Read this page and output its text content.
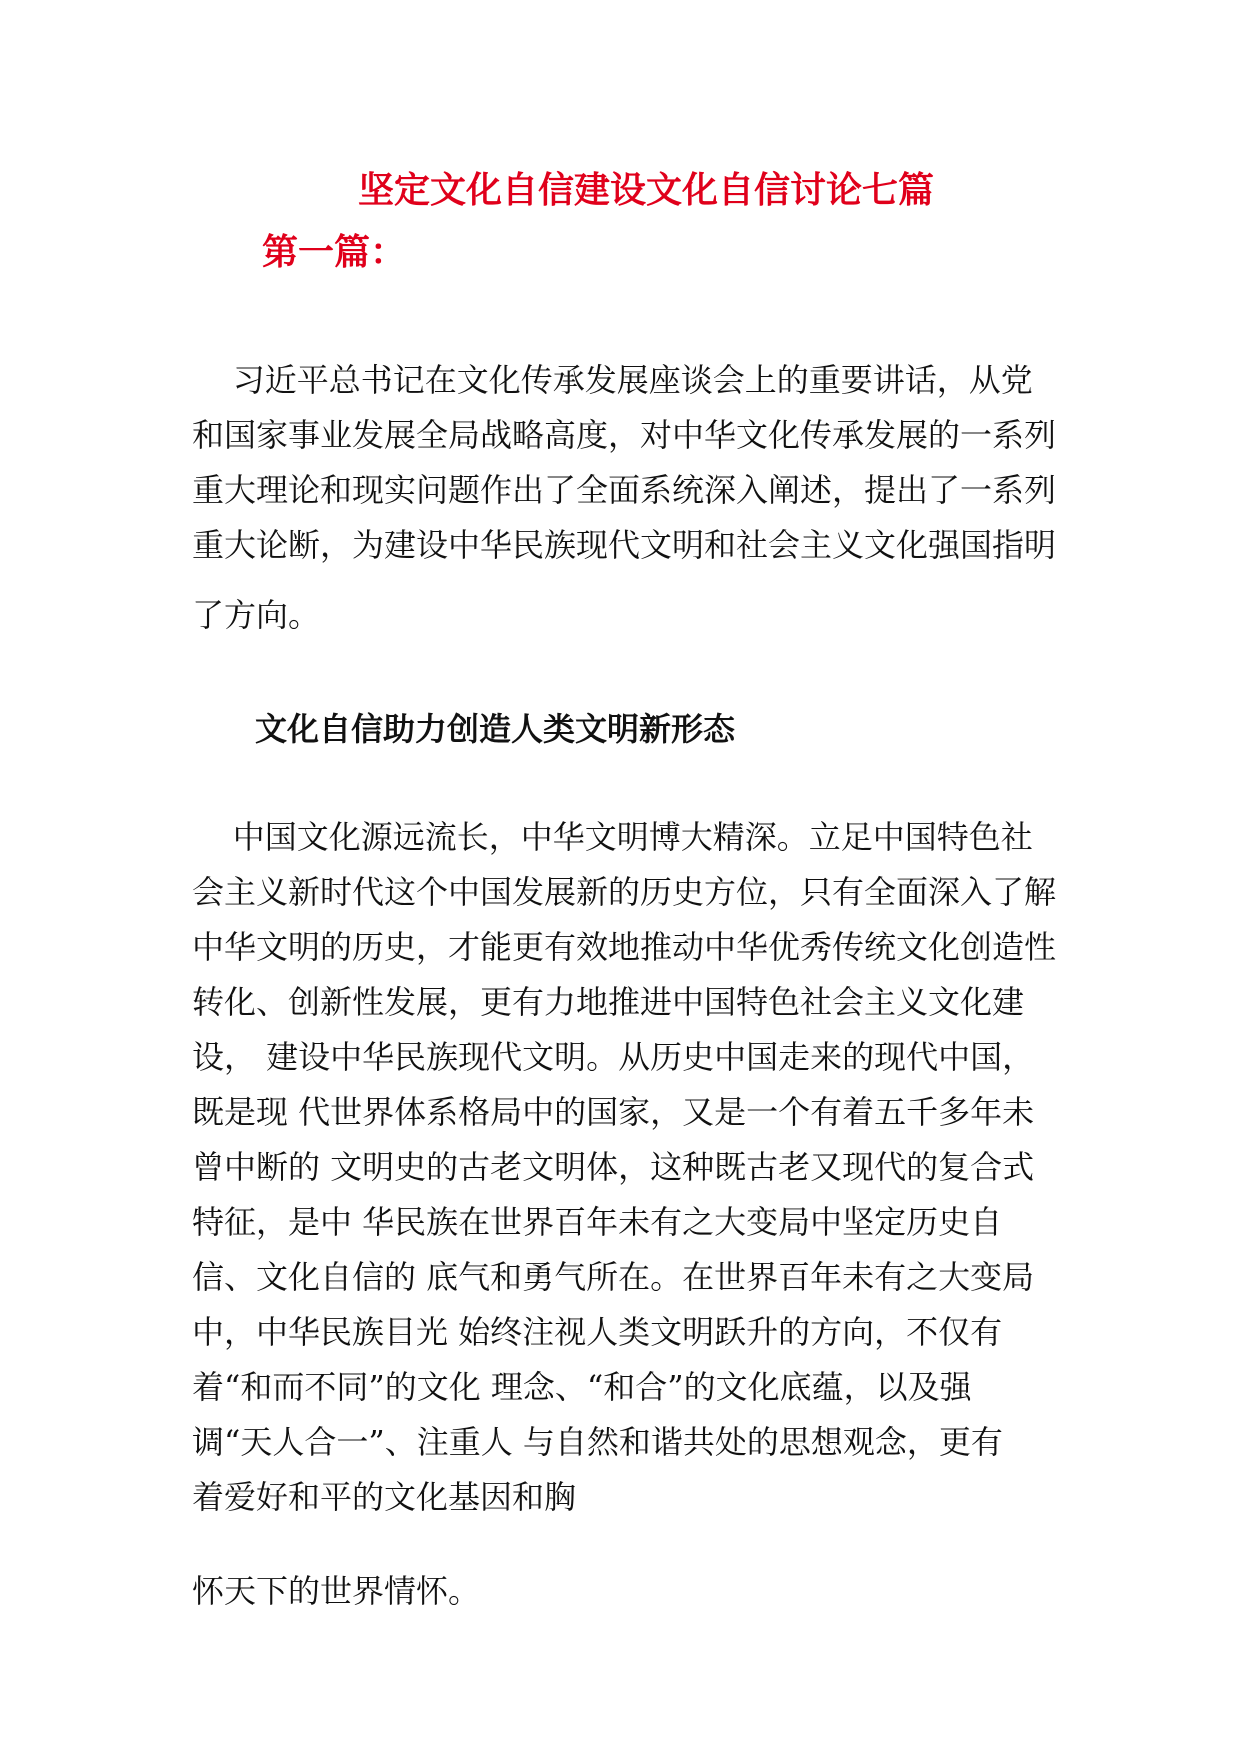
坚定文化自信建设文化自信讨论七篇
第一篇：
习近平总书记在文化传承发展座谈会上的重要讲话，从党
和国家事业发展全局战略高度，对中华文化传承发展的一系列
重大理论和现实问题作出了全面系统深入阐述，提出了一系列
重大论断，为建设中华民族现代文明和社会主义文化强国指明
了方向。
文化自信助力创造人类文明新形态
中国文化源远流长，中华文明博大精深。立足中国特色社
会主义新时代这个中国发展新的历史方位，只有全面深入了解
中华文明的历史，才能更有效地推动中华优秀传统文化创造性
转化、创新性发展，更有力地推进中国特色社会主义文化建
设， 建设中华民族现代文明。从历史中国走来的现代中国，
既是现 代世界体系格局中的国家，又是一个有着五千多年未
曾中断的 文明史的古老文明体，这种既古老又现代的复合式
特征，是中 华民族在世界百年未有之大变局中坚定历史自
信、文化自信的 底气和勇气所在。在世界百年未有之大变局
中，中华民族目光 始终注视人类文明跃升的方向，不仅有
着“和而不同”的文化 理念、“和合”的文化底蕴，以及强
调“天人合一”、注重人 与自然和谐共处的思想观念，更有
着爱好和平的文化基因和胸
怀天下的世界情怀。
